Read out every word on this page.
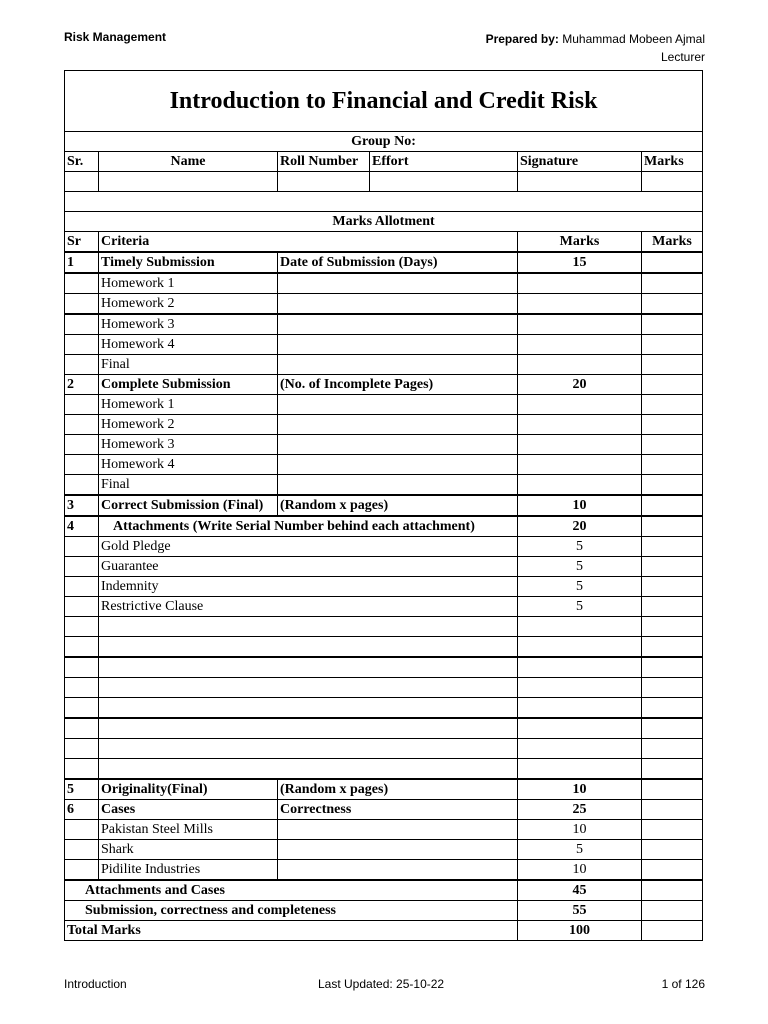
Risk Management	Prepared by: Muhammad Mobeen Ajmal
Lecturer
Introduction to Financial and Credit Risk					
Group No:					
Sr.	Name	Roll Number	Effort	Signature	Marks

Marks Allotment					
Sr	Criteria			Marks	Marks
1	Timely Submission	Date of Submission (Days)		15	
	Homework 1				
	Homework 2				
	Homework 3				
	Homework 4				
	Final				
2	Complete Submission	(No. of Incomplete Pages)		20	
	Homework 1				
	Homework 2				
	Homework 3				
	Homework 4				
	Final				
3	Correct Submission (Final)	(Random x pages)		10	
4	Attachments (Write Serial Number behind each attachment)			20	
	Gold Pledge			5	
	Guarantee			5	
	Indemnity			5	
	Restrictive Clause			5	

5	Originality(Final)	(Random x pages)		10	
6	Cases	Correctness		25	
	Pakistan Steel Mills			10	
	Shark			5	
	Pidilite Industries			10	
Attachments and Cases				45	
Submission, correctness and completeness				55	
Total Marks				100	
Introduction	Last Updated: 25-10-22	1 of 126
